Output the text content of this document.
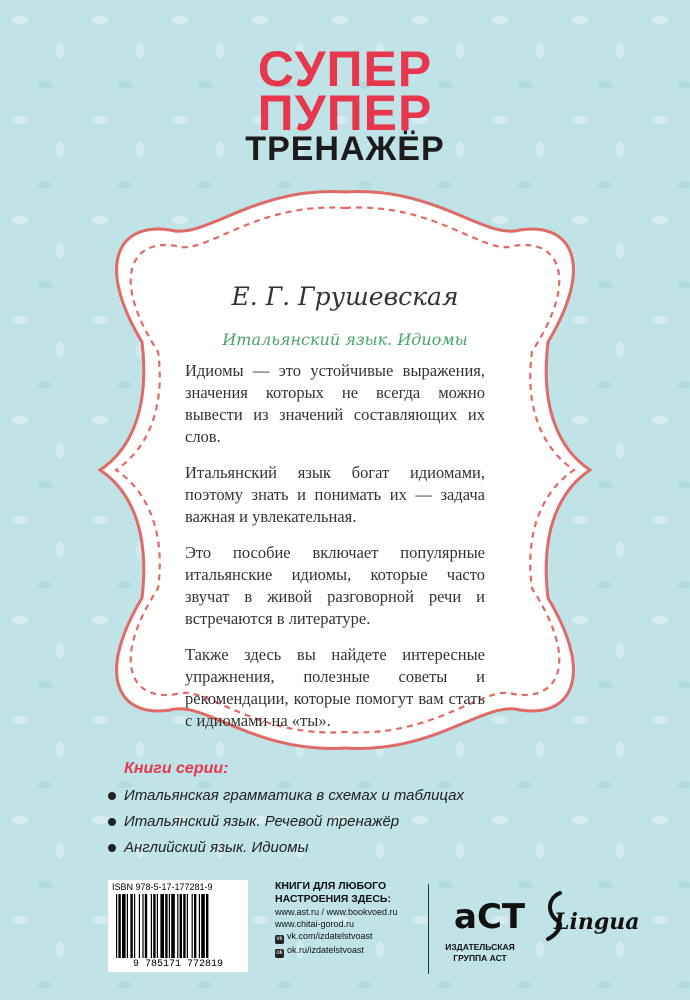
СУПЕР
ПУПЕР
ТРЕНАЖЁР
Е. Г. Грушевская
Итальянский язык. Идиомы

Идиомы — это устойчивые выражения, значения которых не всегда можно вывести из значений составляющих их слов.

Итальянский язык богат идиомами, поэтому знать и понимать их — задача важная и увлекательная.

Это пособие включает популярные итальянские идиомы, которые часто звучат в живой разговорной речи и встречаются в литературе.

Также здесь вы найдете интересные упражнения, полезные советы и рекомендации, которые помогут вам стать с идиомами на «ты».

Книги серии:
Итальянская грамматика в схемах и таблицах
Итальянский язык. Речевой тренажёр
Английский язык. Идиомы
ISBN 978-5-17-177281-9
9 785171 772819
КНИГИ ДЛЯ ЛЮБОГО
НАСТРОЕНИЯ ЗДЕСЬ:
www.ast.ru / www.bookvoed.ru
www.chitai-gorod.ru
vk vk.com/izdatelstvoast
ok ok.ru/izdatelstvoast
аСТ
ИЗДАТЕЛЬСКАЯ
ГРУППА АСТ
Lingua
